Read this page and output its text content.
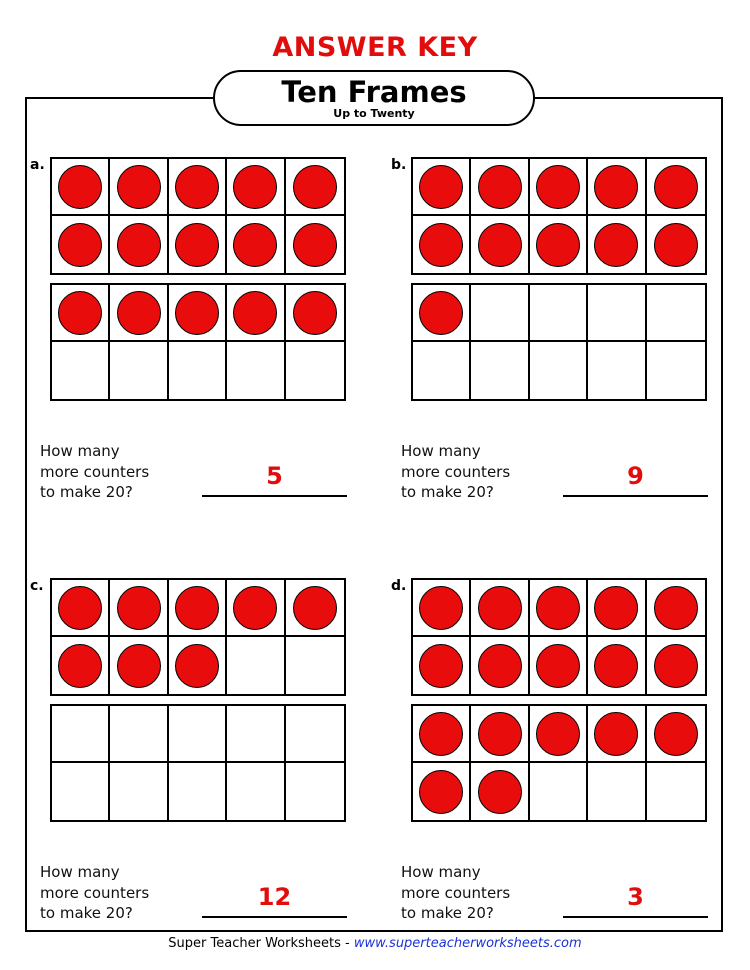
ANSWER KEY
Ten Frames
Up to Twenty
a.
How many
more counters
to make 20?
5
b.
How many
more counters
to make 20?
9
c.
How many
more counters
to make 20?
12
d.
How many
more counters
to make 20?
3
Super Teacher Worksheets - www.superteacherworksheets.com
